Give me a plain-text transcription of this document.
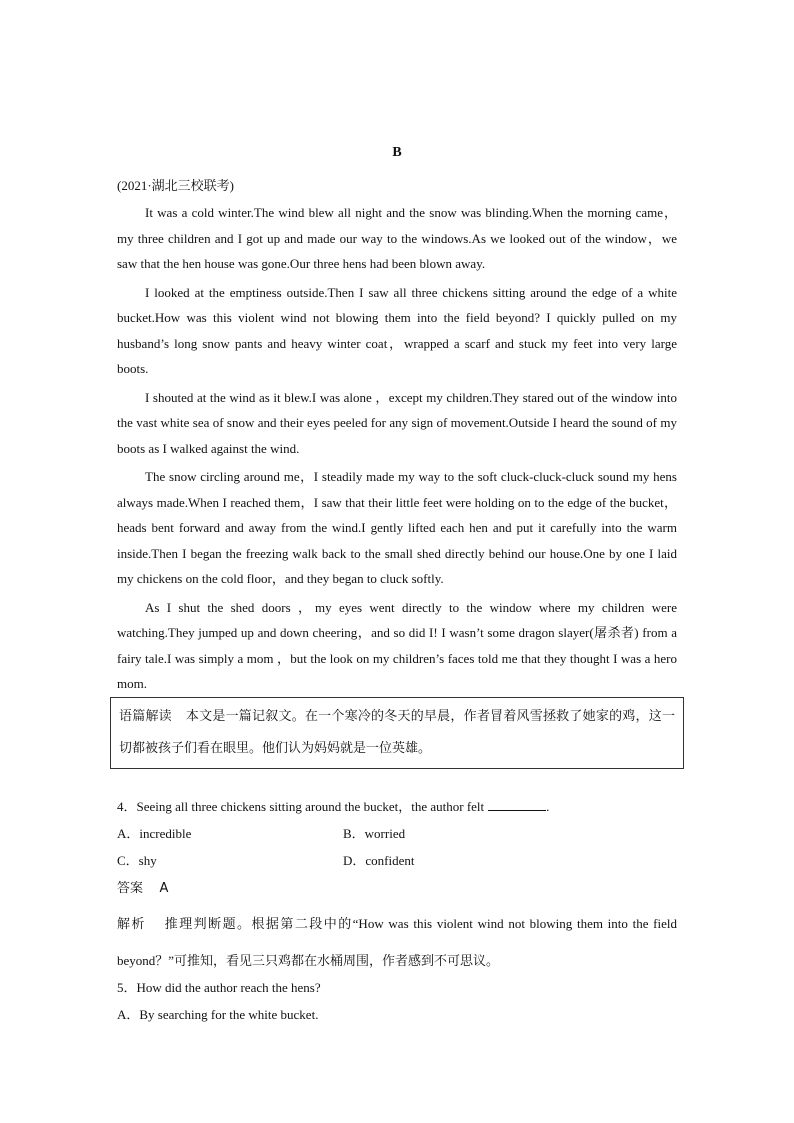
B
(2021·湖北三校联考)

It was a cold winter.The wind blew all night and the snow was blinding.When the morning came，my three children and I got up and made our way to the windows.As we looked out of the window，we saw that the hen house was gone.Our three hens had been blown away.

I looked at the emptiness outside.Then I saw all three chickens sitting around the edge of a white bucket.How was this violent wind not blowing them into the field beyond? I quickly pulled on my husband’s long snow pants and heavy winter coat，wrapped a scarf and stuck my feet into very large boots.

I shouted at the wind as it blew.I was alone ，except my children.They stared out of the window into the vast white sea of snow and their eyes peeled for any sign of movement.Outside I heard the sound of my boots as I walked against the wind.

The snow circling around me，I steadily made my way to the soft cluck-cluck-cluck sound my hens always made.When I reached them，I saw that their little feet were holding on to the edge of the bucket，heads bent forward and away from the wind.I gently lifted each hen and put it carefully into the warm inside.Then I began the freezing walk back to the small shed directly behind our house.One by one I laid my chickens on the cold floor，and they began to cluck softly.

As I shut the shed doors ，my eyes went directly to the window where my children were watching.They jumped up and down cheering，and so did I! I wasn’t some dragon slayer(屠杀者) from a fairy tale.I was simply a mom ，but the look on my children’s faces told me that they thought I was a hero mom.

语篇解读 本文是一篇记叙文。在一个寒冷的冬天的早晨，作者冒着风雪拯救了她家的鸡，这一切都被孩子们看在眼里。他们认为妈妈就是一位英雄。

4．Seeing all three chickens sitting around the bucket，the author felt	.
A．incredible	B．worried
C．shy	D．confident
答案 A

解析 推理判断题。根据第二段中的“How was this violent wind not blowing them into the field beyond？”可推知，看见三只鸡都在水桶周围，作者感到不可思议。

5．How did the author reach the hens?
A．By searching for the white bucket.
